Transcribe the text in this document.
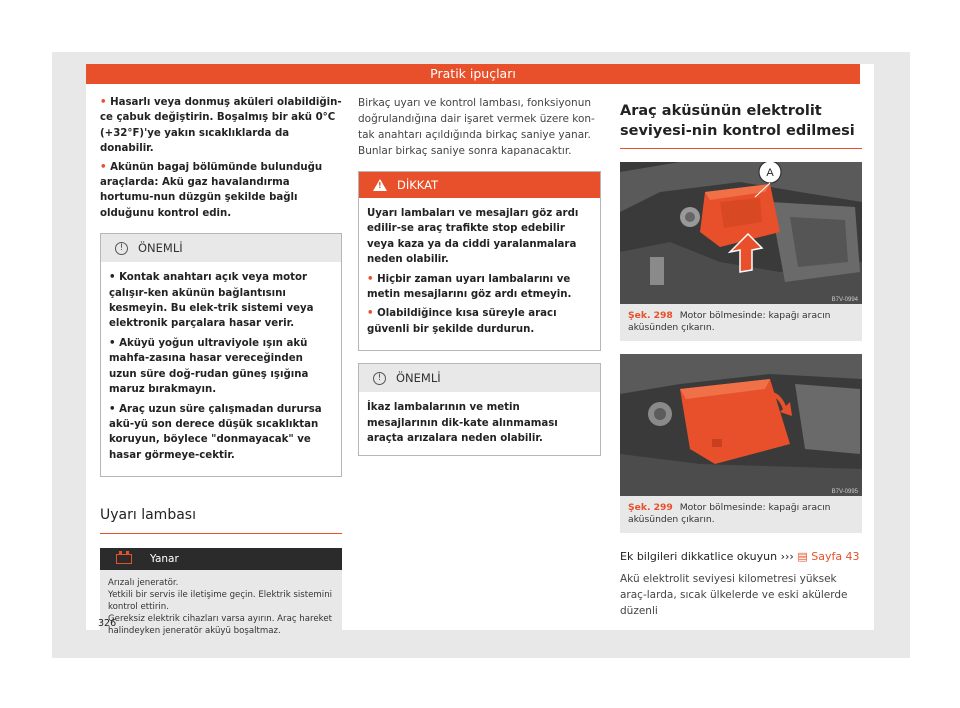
Pratik ipuçları

• Hasarlı veya donmuş aküleri olabildiğin-ce çabuk değiştirin. Boşalmış bir akü 0°C (+32°F)'ye yakın sıcaklıklarda da donabilir.

• Akünün bagaj bölümünde bulunduğu araçlarda: Akü gaz havalandırma hortumu-nun düzgün şekilde bağlı olduğunu kontrol edin.

!	ÖNEMLİ

• Kontak anahtarı açık veya motor çalışır-ken akünün bağlantısını kesmeyin. Bu elek-trik sistemi veya elektronik parçalara hasar verir.

• Aküyü yoğun ultraviyole ışın akü mahfa-zasına hasar vereceğinden uzun süre doğ-rudan güneş ışığına maruz bırakmayın.

• Araç uzun süre çalışmadan durursa akü-yü son derece düşük sıcaklıktan koruyun, böylece "donmayacak" ve hasar görmeye-cektir.

Uyarı lambası
Yanar
Arızalı jeneratör.
Yetkili bir servis ile iletişime geçin. Elektrik sistemini kontrol ettirin.
Gereksiz elektrik cihazları varsa ayırın. Araç hareket halindeyken jeneratör aküyü boşaltmaz.

Birkaç uyarı ve kontrol lambası, fonksiyonun doğrulandığına dair işaret vermek üzere kon-tak anahtarı açıldığında birkaç saniye yanar. Bunlar birkaç saniye sonra kapanacaktır.

! DİKKAT

Uyarı lambaları ve mesajları göz ardı edilir-se araç trafikte stop edebilir veya kaza ya da ciddi yaralanmalara neden olabilir.

• Hiçbir zaman uyarı lambalarını ve metin mesajlarını göz ardı etmeyin.

• Olabildiğince kısa süreyle aracı güvenli bir şekilde durdurun.

!	ÖNEMLİ

İkaz lambalarının ve metin mesajlarının dik-kate alınmaması araçta arızalara neden olabilir.

Araç aküsünün elektrolit seviyesi-nin kontrol edilmesi
A
B7V-0994
Şek. 298 Motor bölmesinde: kapağı aracın aküsünden çıkarın.
B7V-0995
Şek. 299 Motor bölmesinde: kapağı aracın aküsünden çıkarın.

Ek bilgileri dikkatlice okuyun ››› ▤ Sayfa 43

Akü elektrolit seviyesi kilometresi yüksek araç-larda, sıcak ülkelerde ve eski akülerde düzenli

326
